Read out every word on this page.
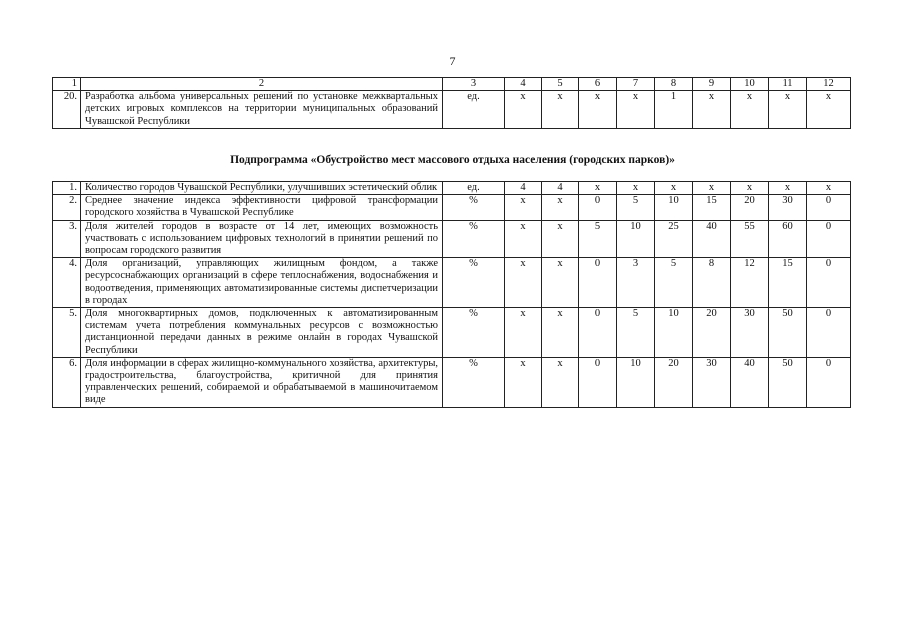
7
1	2	3	4	5	6	7	8	9	10	11	12
20.	Разработка альбома универсальных решений по установке межквартальных детских игровых комплексов на территории муниципальных образований Чувашской Республики	ед.	х	х	х	х	1	х	х	х	х
Подпрограмма «Обустройство мест массового отдыха населения (городских парков)»
1.	Количество городов Чувашской Республики, улучшивших эстетический облик	ед.	4	4	х	х	х	х	х	х	х
2.	Среднее значение индекса эффективности цифровой трансформации городского хозяйства в Чувашской Республике	%	х	х	0	5	10	15	20	30	0
3.	Доля жителей городов в возрасте от 14 лет, имеющих возможность участвовать с использованием цифровых технологий в принятии решений по вопросам городского развития	%	х	х	5	10	25	40	55	60	0
4.	Доля организаций, управляющих жилищным фондом, а также ресурсоснабжающих организаций в сфере теплоснабжения, водоснабжения и водоотведения, применяющих автоматизированные системы диспетчеризации в городах	%	х	х	0	3	5	8	12	15	0
5.	Доля многоквартирных домов, подключенных к автоматизированным системам учета потребления коммунальных ресурсов с возможностью дистанционной передачи данных в режиме онлайн в городах Чувашской Республики	%	х	х	0	5	10	20	30	50	0
6.	Доля информации в сферах жилищно-коммунального хозяйства, архитектуры, градостроительства, благоустройства, критичной для принятия управленческих решений, собираемой и обрабатываемой в машиночитаемом виде	%	х	х	0	10	20	30	40	50	0
